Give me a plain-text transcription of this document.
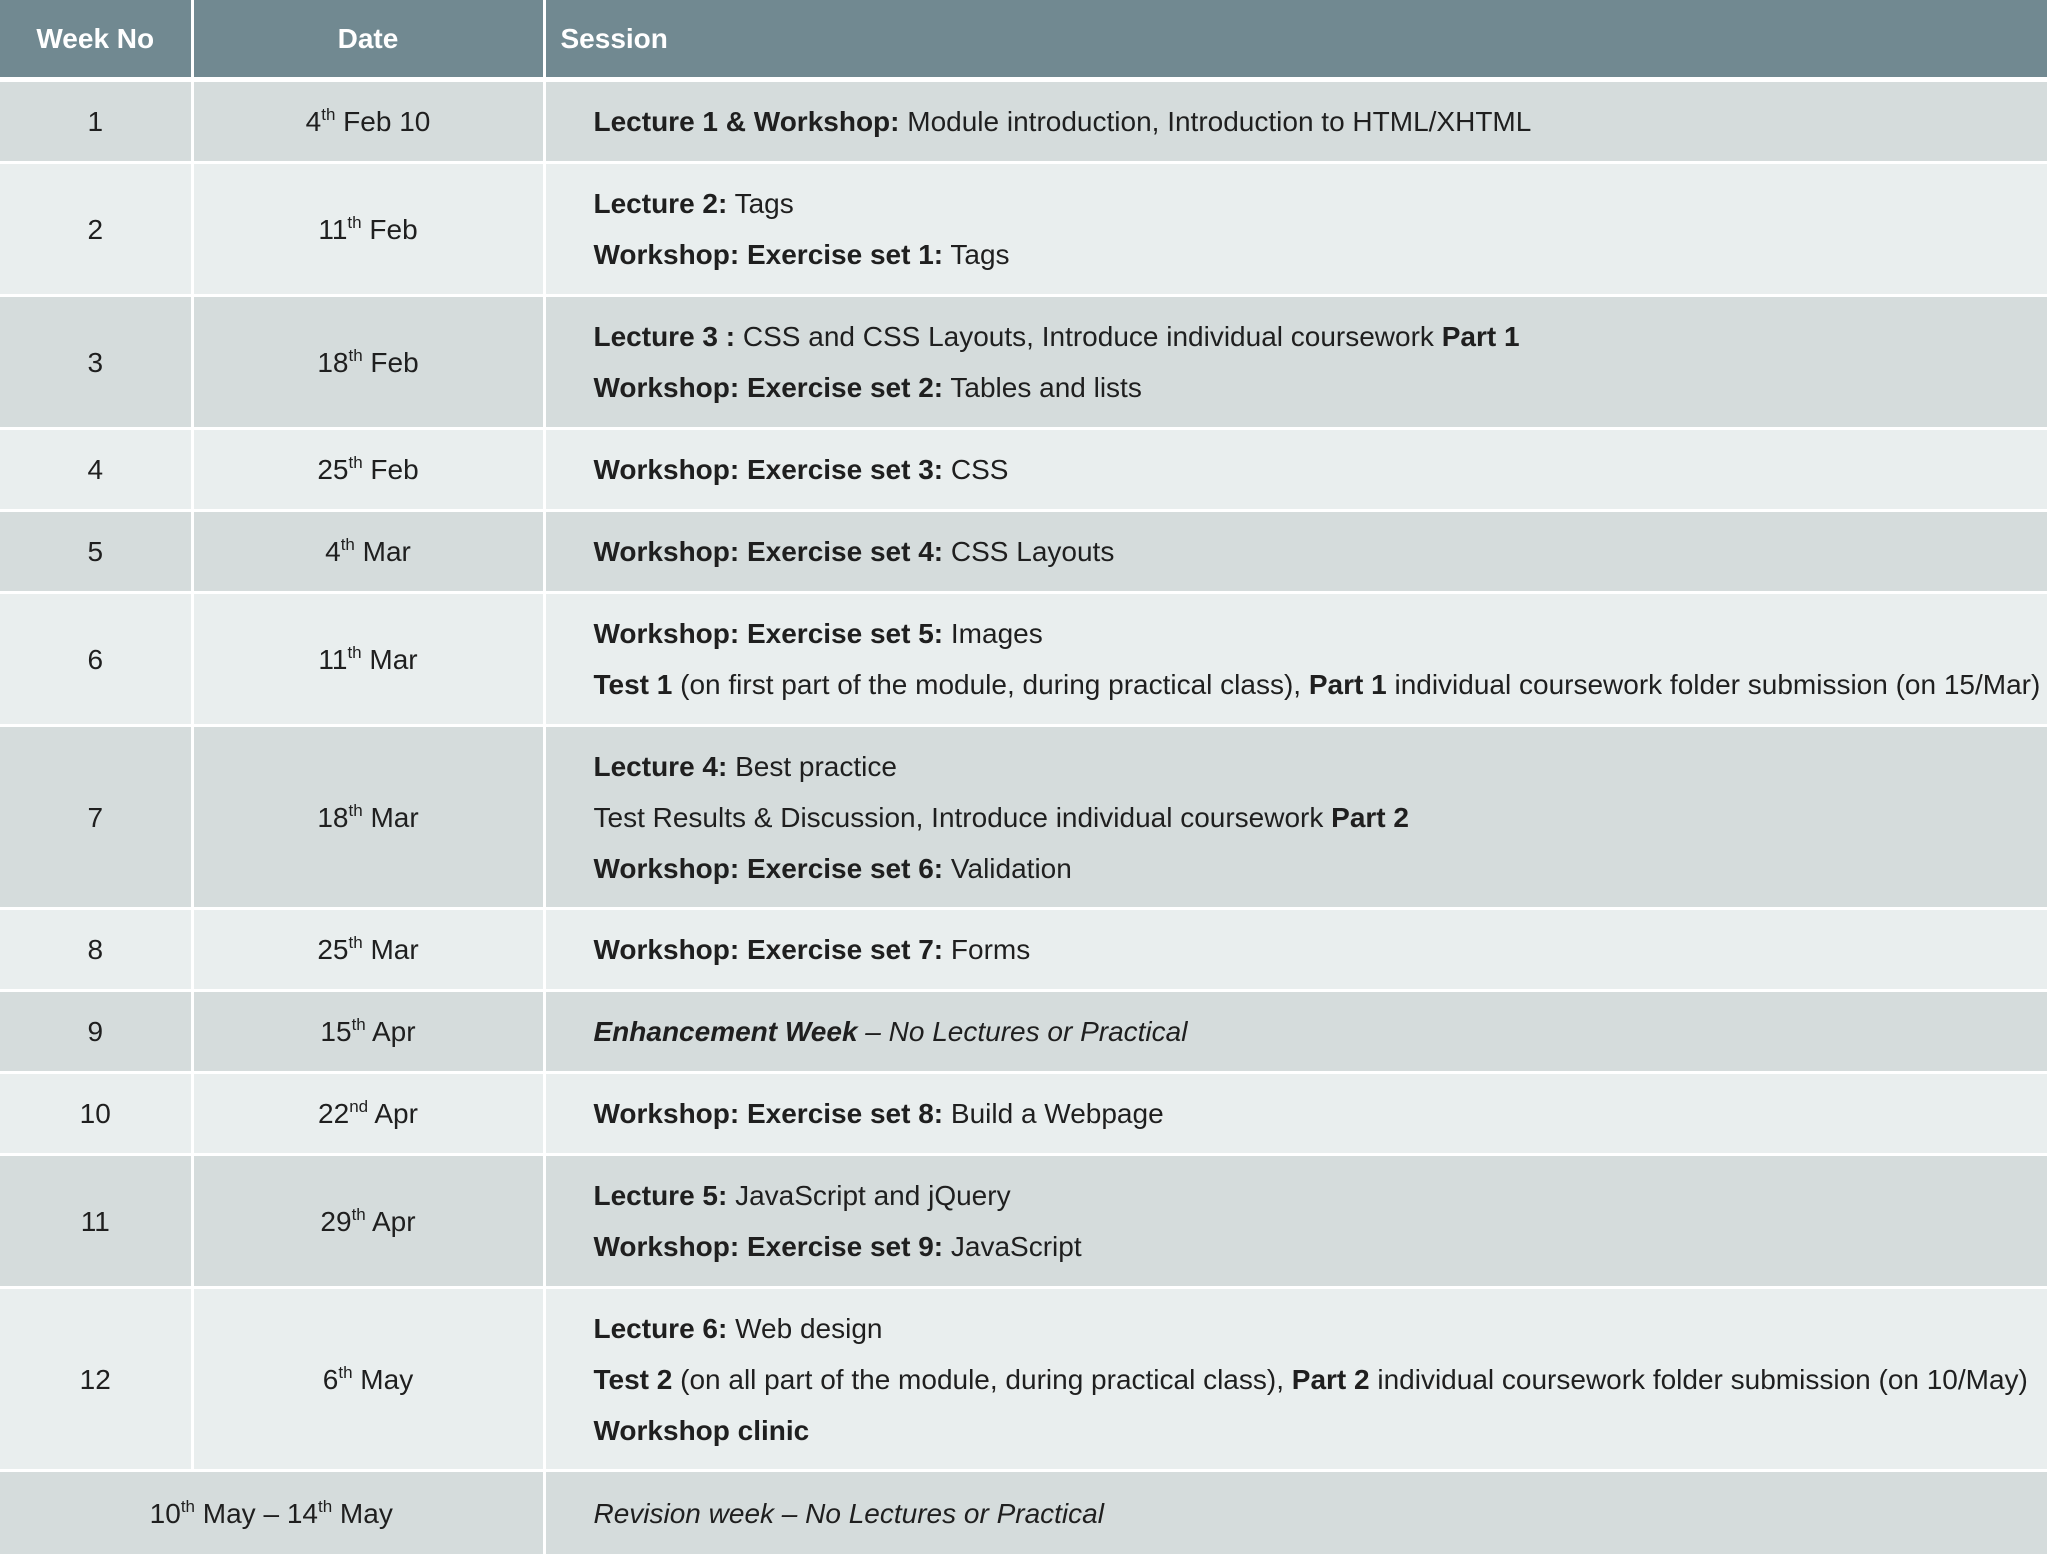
Week No	Date	Session
1	4th Feb 10	Lecture 1 & Workshop: Module introduction, Introduction to HTML/XHTML

2	11th Feb	Lecture 2: Tags
Workshop: Exercise set 1: Tags

3	18th Feb	Lecture 3 : CSS and CSS Layouts, Introduce individual coursework Part 1
Workshop: Exercise set 2: Tables and lists

4	25th Feb	Workshop: Exercise set 3: CSS

5	4th Mar	Workshop: Exercise set 4: CSS Layouts

6	11th Mar	Workshop: Exercise set 5: Images
Test 1 (on first part of the module, during practical class), Part 1 individual coursework folder submission (on 15/Mar)

7	18th Mar	Lecture 4: Best practice
Test Results & Discussion, Introduce individual coursework Part 2
Workshop: Exercise set 6: Validation

8	25th Mar	Workshop: Exercise set 7: Forms

9	15th Apr	Enhancement Week – No Lectures or Practical

10	22nd Apr	Workshop: Exercise set 8: Build a Webpage

11	29th Apr	Lecture 5: JavaScript and jQuery
Workshop: Exercise set 9: JavaScript

12	6th May	Lecture 6: Web design
Test 2 (on all part of the module, during practical class), Part 2 individual coursework folder submission (on 10/May)
Workshop clinic

10th May – 14th May		Revision week – No Lectures or Practical
